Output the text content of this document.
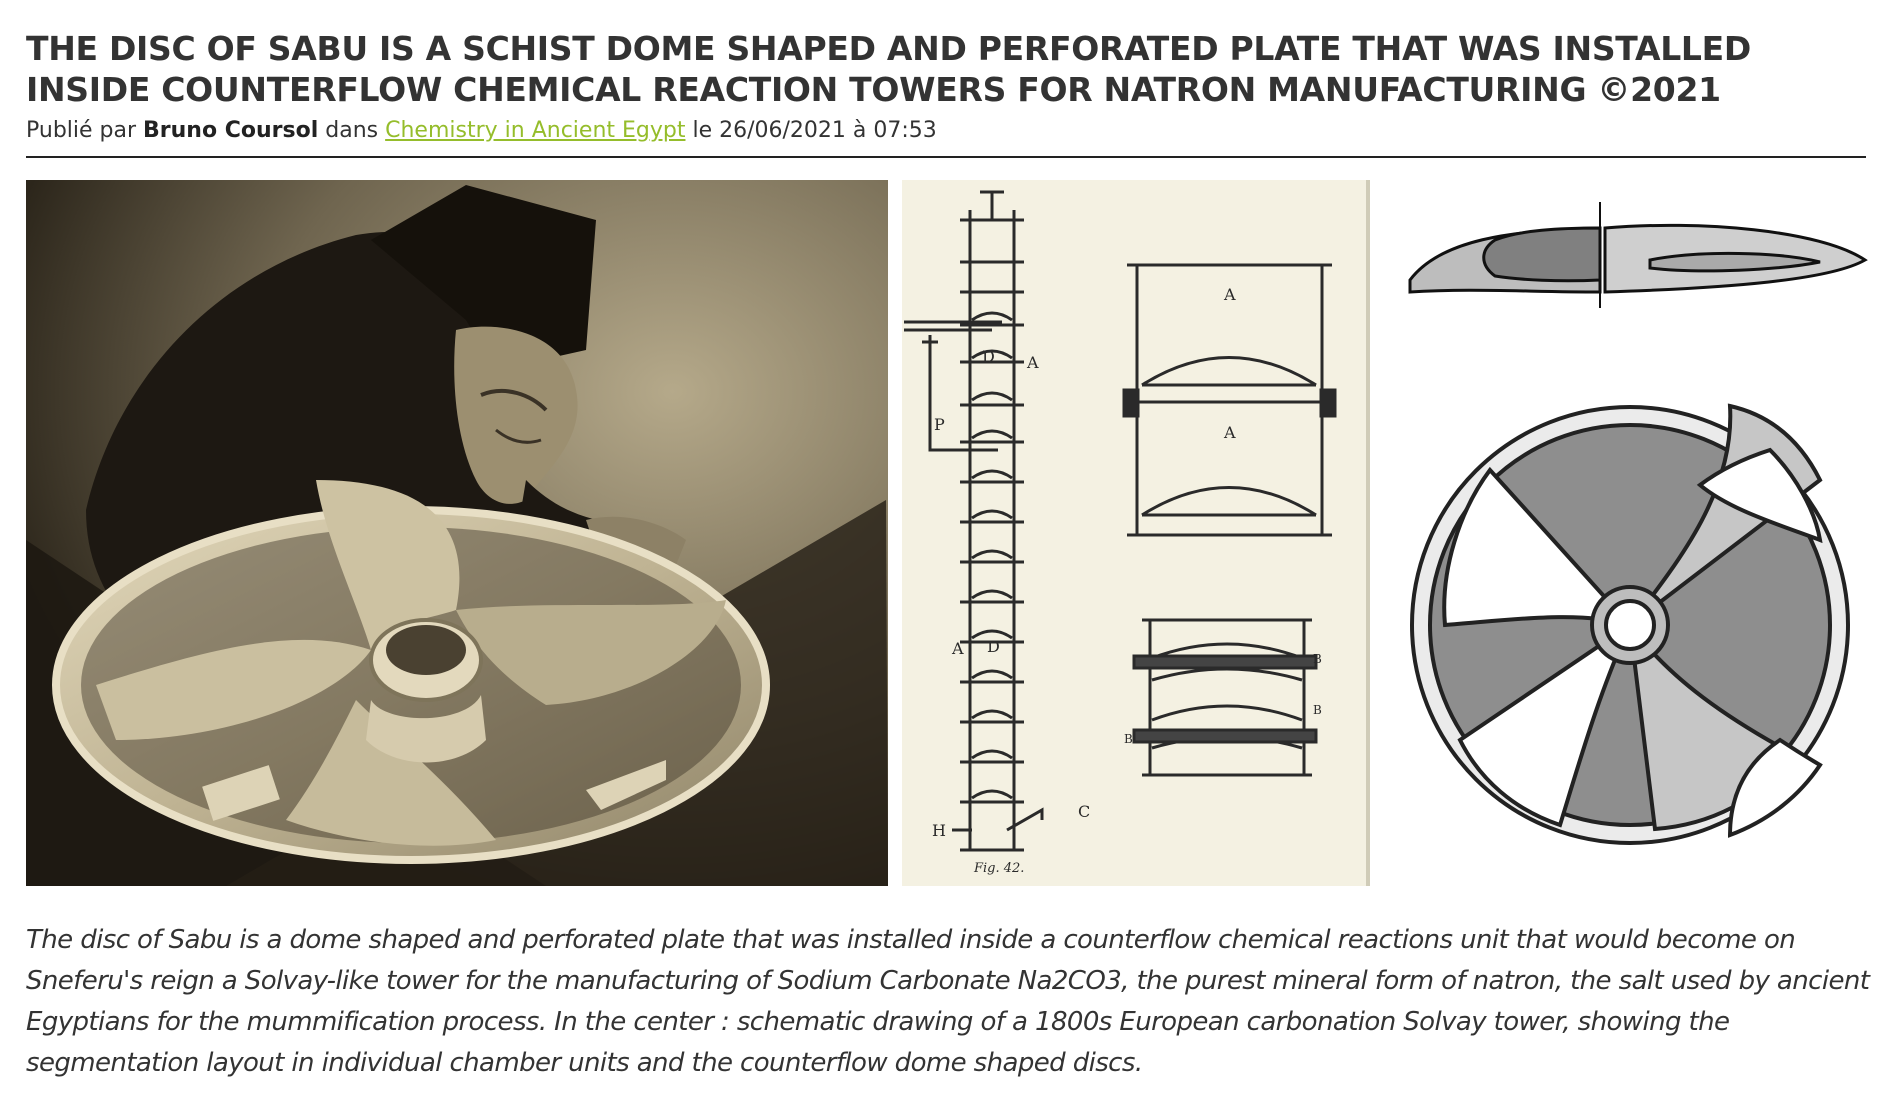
THE DISC OF SABU IS A SCHIST DOME SHAPED AND PERFORATED PLATE THAT WAS INSTALLED INSIDE COUNTERFLOW CHEMICAL REACTION TOWERS FOR NATRON MANUFACTURING ©2021
Publié par Bruno Coursol dans Chemistry in Ancient Egypt le 26/06/2021 à 07:53
A
D
P
A D
H
C
A
A
B
B
B
Fig. 42.

The disc of Sabu is a dome shaped and perforated plate that was installed inside a counterflow chemical reactions unit that would become on Sneferu's reign a Solvay-like tower for the manufacturing of Sodium Carbonate Na2CO3, the purest mineral form of natron, the salt used by ancient Egyptians for the mummification process. In the center : schematic drawing of a 1800s European carbonation Solvay tower, showing the segmentation layout in individual chamber units and the counterflow dome shaped discs.
